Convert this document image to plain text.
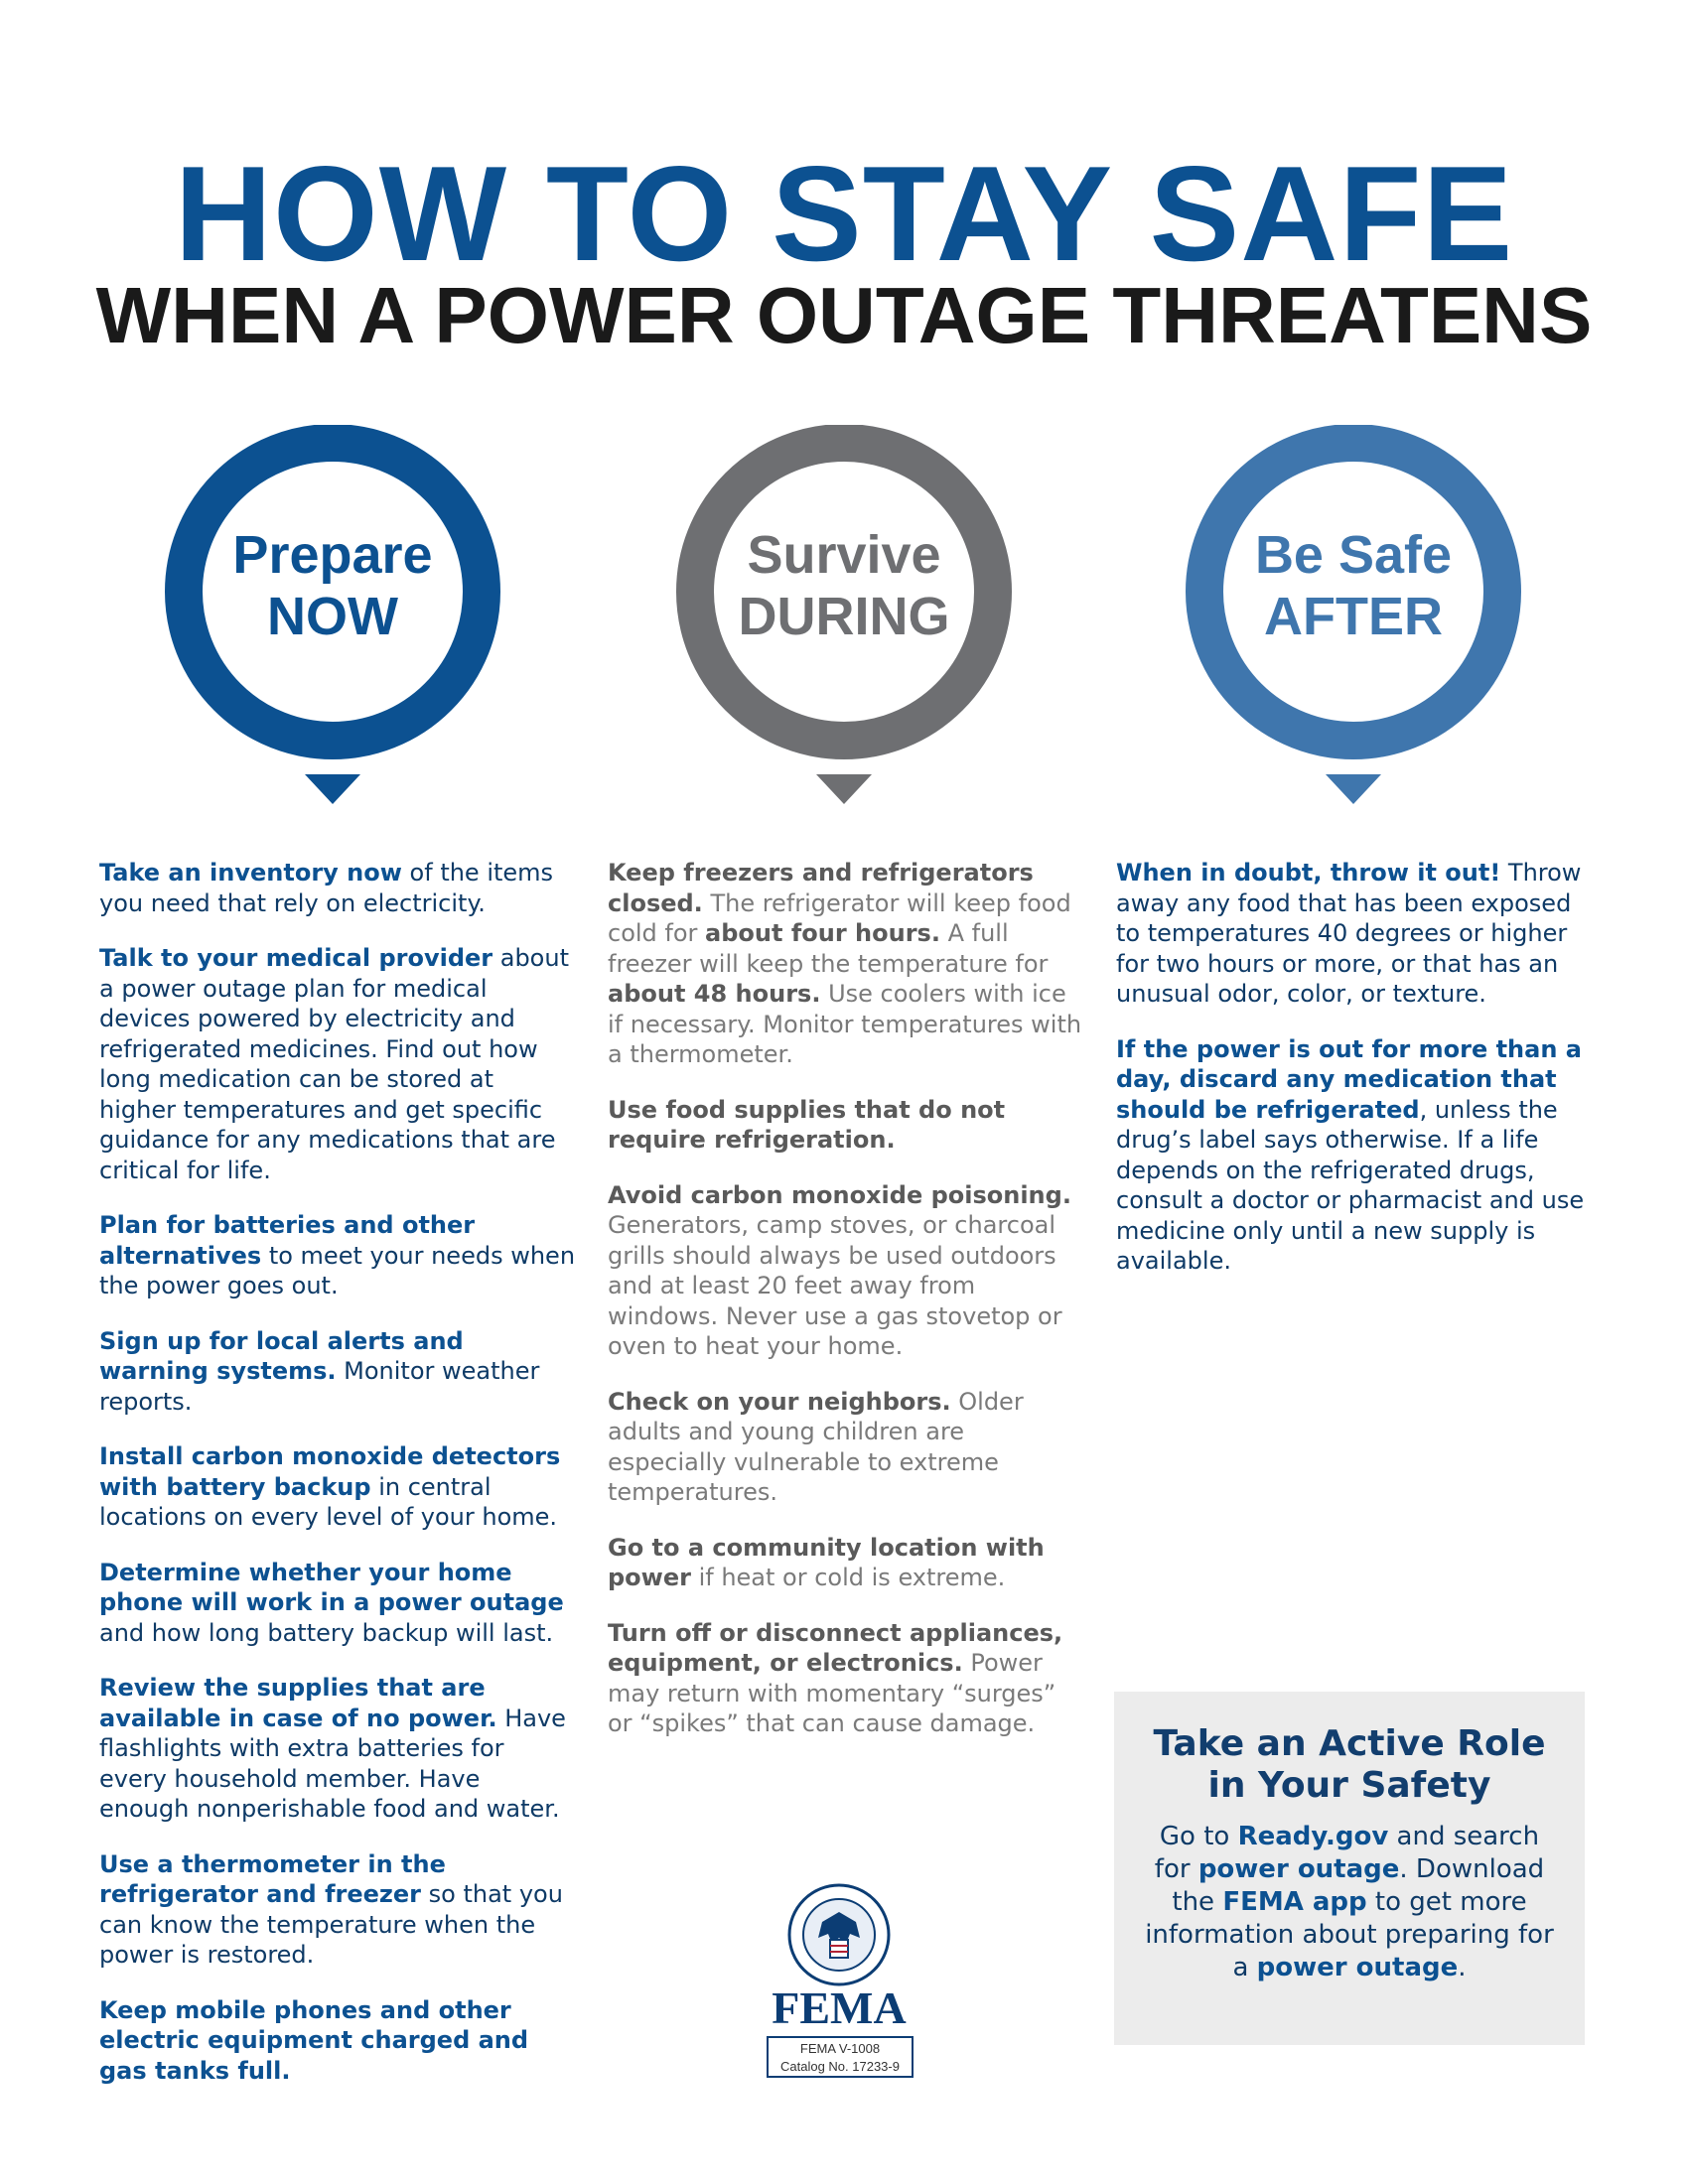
HOW TO STAY SAFE
WHEN A POWER OUTAGE THREATENS
Prepare
NOW
Survive
DURING
Be Safe
AFTER

Take an inventory now of the items you need that rely on electricity.

Talk to your medical provider about a power outage plan for medical devices powered by electricity and refrigerated medicines. Find out how long medication can be stored at higher temperatures and get specific guidance for any medications that are critical for life.

Plan for batteries and other alternatives to meet your needs when the power goes out.

Sign up for local alerts and warning systems. Monitor weather reports.

Install carbon monoxide detectors with battery backup in central locations on every level of your home.

Determine whether your home phone will work in a power outage and how long battery backup will last.

Review the supplies that are available in case of no power. Have flashlights with extra batteries for every household member. Have enough nonperishable food and water.

Use a thermometer in the refrigerator and freezer so that you can know the temperature when the power is restored.

Keep mobile phones and other electric equipment charged and gas tanks full.

Keep freezers and refrigerators closed. The refrigerator will keep food cold for about four hours. A full freezer will keep the temperature for about 48 hours. Use coolers with ice if necessary. Monitor temperatures with a thermometer.

Use food supplies that do not require refrigeration.

Avoid carbon monoxide poisoning. Generators, camp stoves, or charcoal grills should always be used outdoors and at least 20 feet away from windows. Never use a gas stovetop or oven to heat your home.

Check on your neighbors. Older adults and young children are especially vulnerable to extreme temperatures.

Go to a community location with power if heat or cold is extreme.

Turn off or disconnect appliances, equipment, or electronics. Power may return with momentary “surges” or “spikes” that can cause damage.

When in doubt, throw it out! Throw away any food that has been exposed to temperatures 40 degrees or higher for two hours or more, or that has an unusual odor, color, or texture.

If the power is out for more than a day, discard any medication that should be refrigerated, unless the drug’s label says otherwise. If a life depends on the refrigerated drugs, consult a doctor or pharmacist and use medicine only until a new supply is available.

Take an Active Role in Your Safety
Go to Ready.gov and search for power outage. Download the FEMA app to get more information about preparing for a power outage.
FEMA
FEMA V-1008
Catalog No. 17233-9
